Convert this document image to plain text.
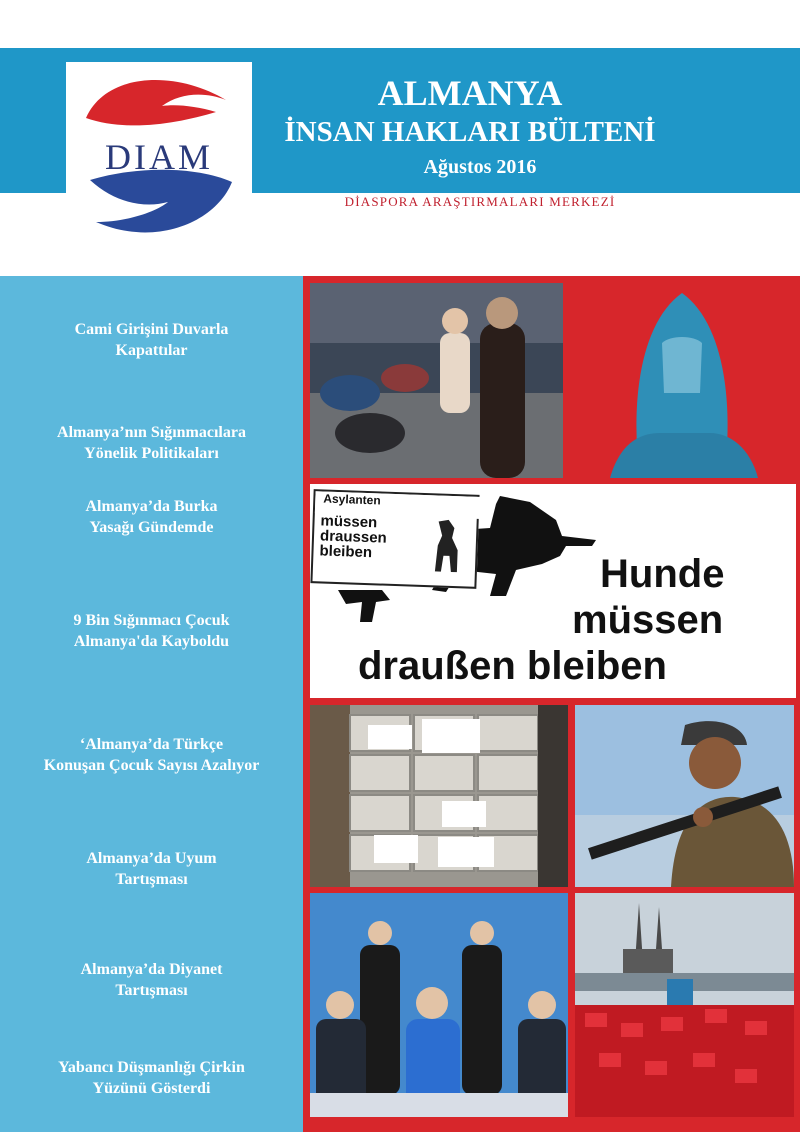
DIAM
ALMANYA
İNSAN HAKLARI BÜLTENİ
Ağustos 2016
DİASPORA ARAŞTIRMALARI MERKEZİ
Cami Girişini Duvarla
Kapattılar
Almanya’nın Sığınmacılara
Yönelik Politikaları
Almanya’da Burka
Yasağı Gündemde
9 Bin Sığınmacı Çocuk
Almanya'da Kayboldu
‘Almanya’da Türkçe
Konuşan Çocuk Sayısı Azalıyor
Almanya’da Uyum
Tartışması
Almanya’da Diyanet
Tartışması
Yabancı Düşmanlığı Çirkin
Yüzünü Gösterdi
Hunde
müssen
draußen bleiben
Asylanten
müssen
draussen
bleiben
